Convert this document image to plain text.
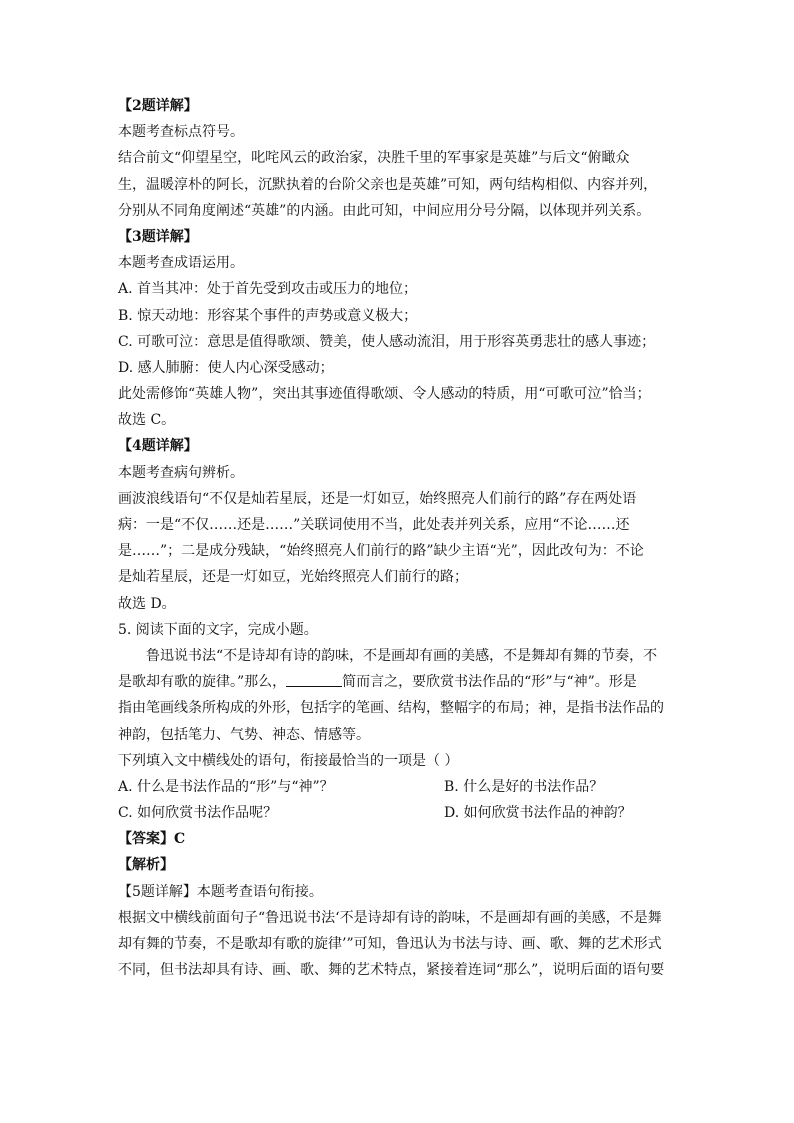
【2题详解】
本题考查标点符号。
结合前文“仰望星空，叱咤风云的政治家，决胜千里的军事家是英雄”与后文“俯瞰众
生，温暖淳朴的阿长，沉默执着的台阶父亲也是英雄”可知，两句结构相似、内容并列，
分别从不同角度阐述“英雄”的内涵。由此可知，中间应用分号分隔，以体现并列关系。
【3题详解】
本题考查成语运用。
A. 首当其冲：处于首先受到攻击或压力的地位；
B. 惊天动地：形容某个事件的声势或意义极大；
C. 可歌可泣：意思是值得歌颂、赞美，使人感动流泪，用于形容英勇悲壮的感人事迹；
D. 感人肺腑：使人内心深受感动；
此处需修饰“英雄人物”，突出其事迹值得歌颂、令人感动的特质，用“可歌可泣”恰当；
故选 C。
【4题详解】
本题考查病句辨析。
画波浪线语句“不仅是灿若星辰，还是一灯如豆，始终照亮人们前行的路”存在两处语
病：一是“不仅……还是……”关联词使用不当，此处表并列关系，应用“不论……还
是……”；二是成分残缺，“始终照亮人们前行的路”缺少主语“光”，因此改句为：不论
是灿若星辰，还是一灯如豆，光始终照亮人们前行的路；
故选 D。
5. 阅读下面的文字，完成小题。
鲁迅说书法“不是诗却有诗的韵味，不是画却有画的美感，不是舞却有舞的节奏，不
是歌却有歌的旋律。”那么，	简而言之，要欣赏书法作品的“形”与“神”。形是
指由笔画线条所构成的外形，包括字的笔画、结构，整幅字的布局；神，是指书法作品的
神韵，包括笔力、气势、神态、情感等。
下列填入文中横线处的语句，衔接最恰当的一项是（ ）
A. 什么是书法作品的“形”与“神”？	B. 什么是好的书法作品？
C. 如何欣赏书法作品呢？	D. 如何欣赏书法作品的神韵？
【答案】C
【解析】
【5题详解】本题考查语句衔接。
根据文中横线前面句子“鲁迅说书法‘不是诗却有诗的韵味，不是画却有画的美感，不是舞
却有舞的节奏，不是歌却有歌的旋律’”可知，鲁迅认为书法与诗、画、歌、舞的艺术形式
不同，但书法却具有诗、画、歌、舞的艺术特点，紧接着连词“那么”，说明后面的语句要
